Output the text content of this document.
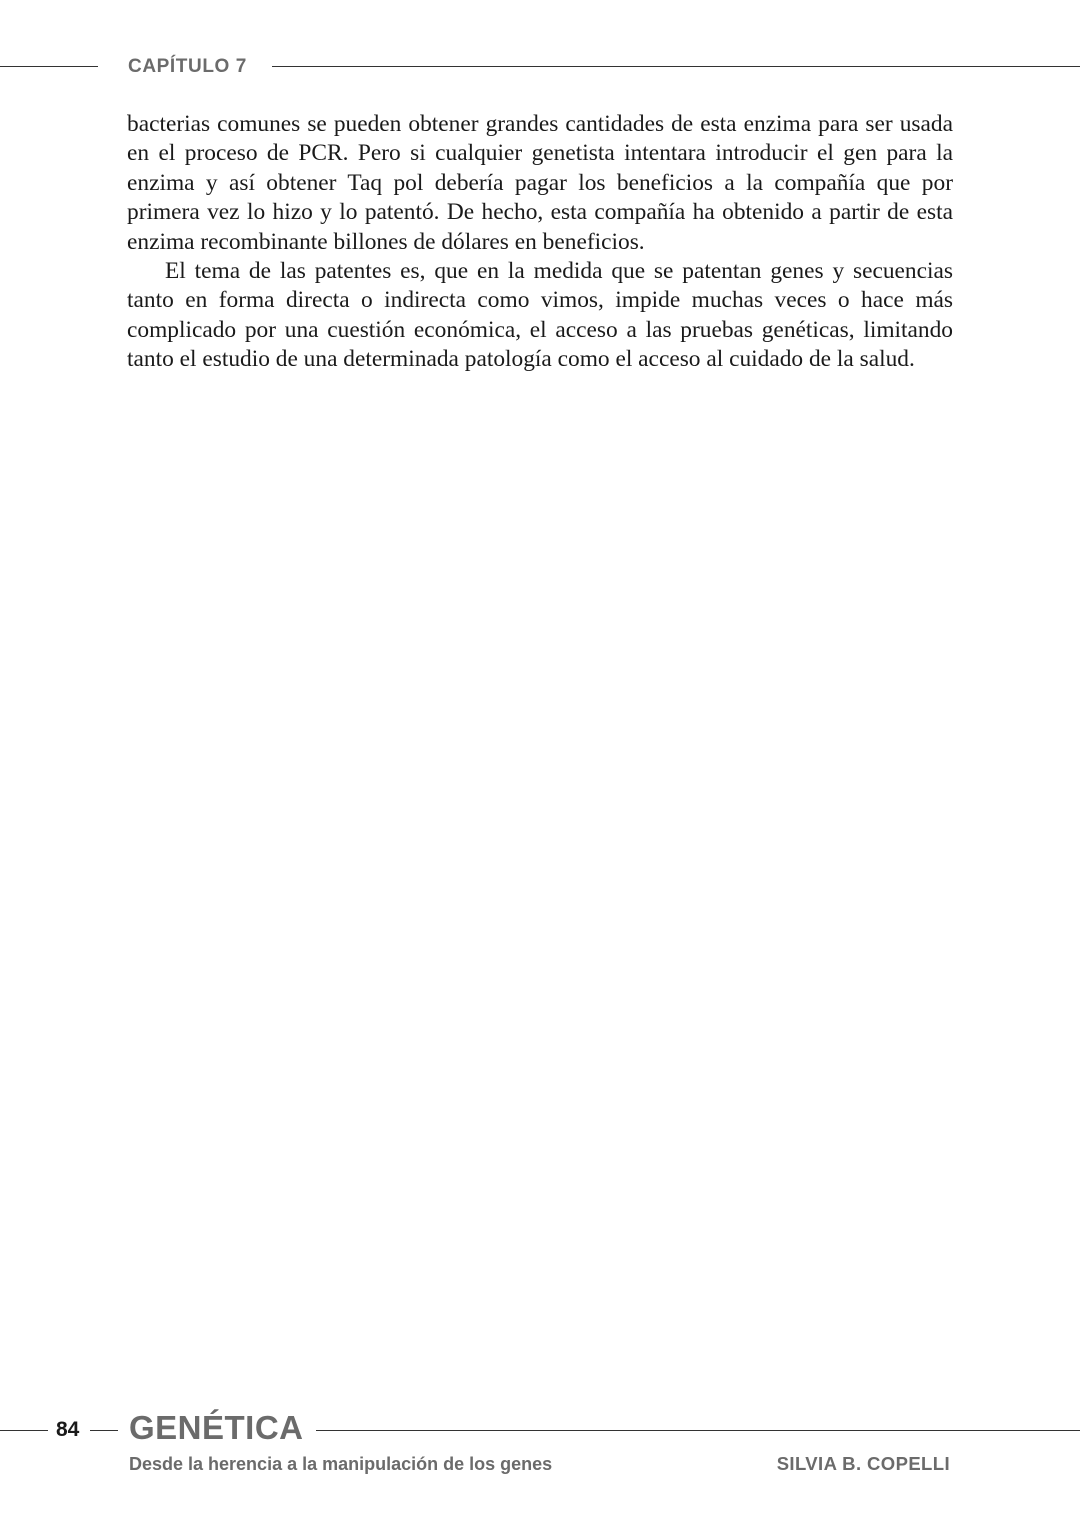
CAPÍTULO 7

bacterias comunes se pueden obtener grandes cantidades de esta enzima para ser usada en el proceso de PCR. Pero si cualquier genetista intentara introducir el gen para la enzima y así obtener Taq pol debería pagar los beneficios a la compañía que por primera vez lo hizo y lo patentó. De hecho, esta compañía ha obtenido a partir de esta enzima recombinante billones de dólares en beneficios.

El tema de las patentes es, que en la medida que se patentan genes y secuencias tanto en forma directa o indirecta como vimos, impide muchas veces o hace más complicado por una cuestión económica, el acceso a las pruebas genéticas, limitando tanto el estudio de una determinada patología como el acceso al cuidado de la salud.

84 GENÉTICA
Desde la herencia a la manipulación de los genes	SILVIA B. COPELLI
